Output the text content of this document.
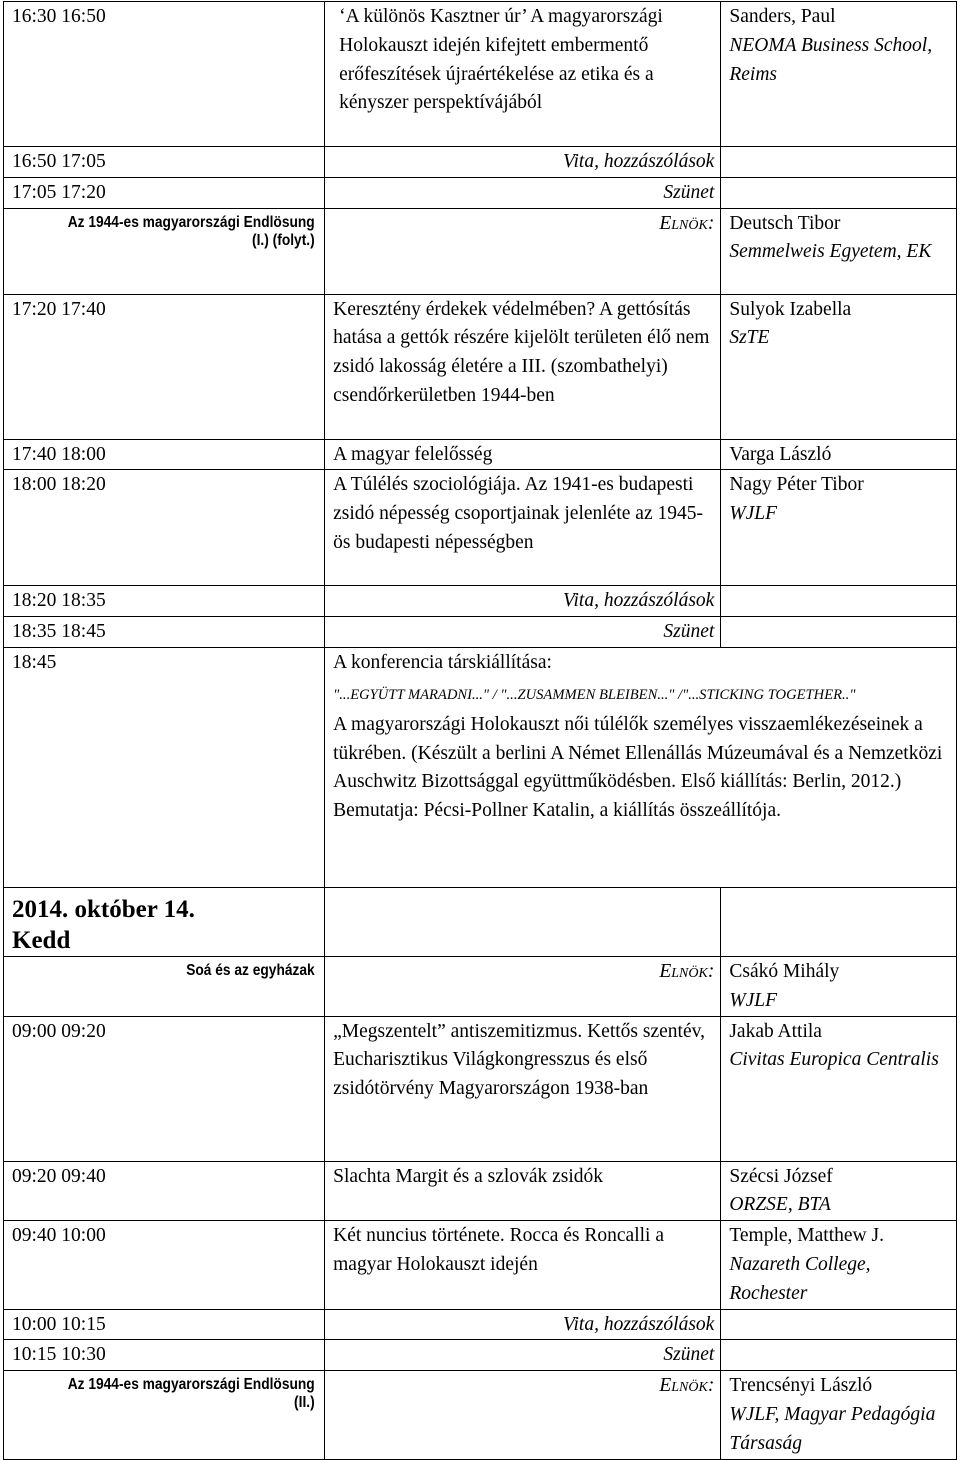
16:30 16:50	‘A különös Kasztner úr’ A magyarországi Holokauszt idején kifejtett embermentő erőfeszítések újraértékelése az etika és a kényszer perspektívájából	Sanders, Paul
NEOMA Business School, Reims

16:50 17:05	Vita, hozzászólások	
17:05 17:20	Szünet	

Az 1944-es magyarországi Endlösung (I.) (folyt.)	Elnök:	Deutsch Tibor
Semmelweis Egyetem, EK

17:20 17:40	Keresztény érdekek védelmében? A gettósítás hatása a gettók részére kijelölt területen élő nem zsidó lakosság életére a III. (szombathelyi) csendőrkerületben 1944-ben	Sulyok Izabella
SzTE

17:40 18:00	A magyar felelősség	Varga László
18:00 18:20	A Túlélés szociológiája. Az 1941-es budapesti zsidó népesség csoportjainak jelenléte az 1945-ös budapesti népességben	Nagy Péter Tibor
WJLF

18:20 18:35	Vita, hozzászólások	
18:35 18:45	Szünet	
18:45	A konferencia társkiállítása:
"...EGYÜTT MARADNI..." / "...ZUSAMMEN BLEIBEN..." /"...STICKING TOGETHER.."
A magyarországi Holokauszt női túlélők személyes visszaemlékezéseinek a tükrében. (Készült a berlini A Német Ellenállás Múzeumával és a Nemzetközi Auschwitz Bizottsággal együttműködésben. Első kiállítás: Berlin, 2012.) Bemutatja: Pécsi-Pollner Katalin, a kiállítás összeállítója.	

2014. október 14.
Kedd		

Soá és az egyházak	Elnök:	Csákó Mihály
WJLF

09:00 09:20	„Megszentelt” antiszemitizmus. Kettős szentév, Eucharisztikus Világkongresszus és első zsidótörvény Magyarországon 1938-ban	Jakab Attila
Civitas Europica Centralis

09:20 09:40	Slachta Margit és a szlovák zsidók	Szécsi József
ORZSE, BTA

09:40 10:00	Két nuncius története. Rocca és Roncalli a magyar Holokauszt idején	Temple, Matthew J.
Nazareth College, Rochester

10:00 10:15	Vita, hozzászólások	
10:15 10:30	Szünet	

Az 1944-es magyarországi Endlösung (II.)	Elnök:	Trencsényi László
WJLF, Magyar Pedagógia Társaság
